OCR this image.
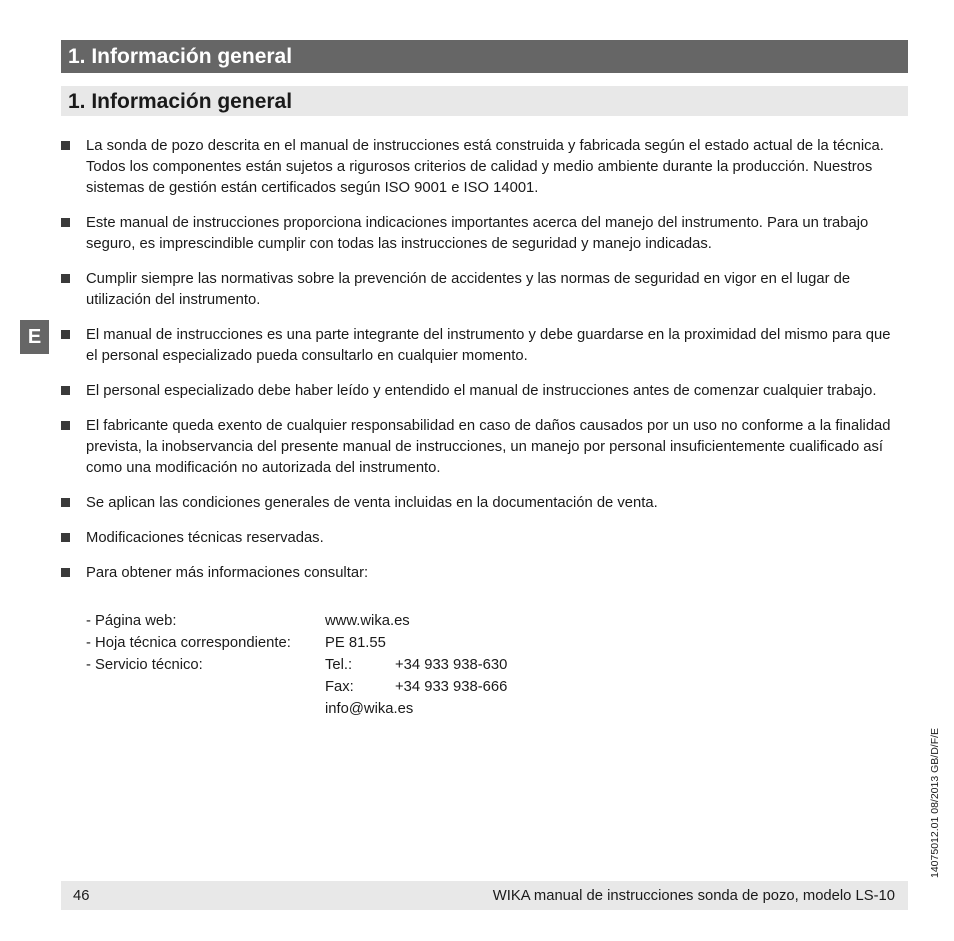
1. Información general
1. Información general
E
La sonda de pozo descrita en el manual de instrucciones está construida y fabricada según el estado actual de la técnica. Todos los componentes están sujetos a rigurosos criterios de calidad y medio ambiente durante la producción. Nuestros sistemas de gestión están certificados según ISO 9001 e ISO 14001.
Este manual de instrucciones proporciona indicaciones importantes acerca del manejo del instrumento. Para un trabajo seguro, es imprescindible cumplir con todas las instrucciones de seguridad y manejo indicadas.
Cumplir siempre las normativas sobre la prevención de accidentes y las normas de seguridad en vigor en el lugar de utilización del instrumento.
El manual de instrucciones es una parte integrante del instrumento y debe guardarse en la proximidad del mismo para que el personal especializado pueda consultarlo en cualquier momento.
El personal especializado debe haber leído y entendido el manual de instrucciones antes de comenzar cualquier trabajo.
El fabricante queda exento de cualquier responsabilidad en caso de daños causados por un uso no conforme a la finalidad prevista, la inobservancia del presente manual de instrucciones, un manejo por personal insuficientemente cualificado así como una modificación no autorizada del instrumento.
Se aplican las condiciones generales de venta incluidas en la documentación de venta.
Modificaciones técnicas reservadas.
Para obtener más informaciones consultar:
- Página web:	www.wika.es
- Hoja técnica correspondiente: PE 81.55
- Servicio técnico:	Tel.:	+34 933 938-630
Fax:	+34 933 938-666
info@wika.es
46	WIKA manual de instrucciones sonda de pozo, modelo LS-10
14075012.01 08/2013 GB/D/F/E
